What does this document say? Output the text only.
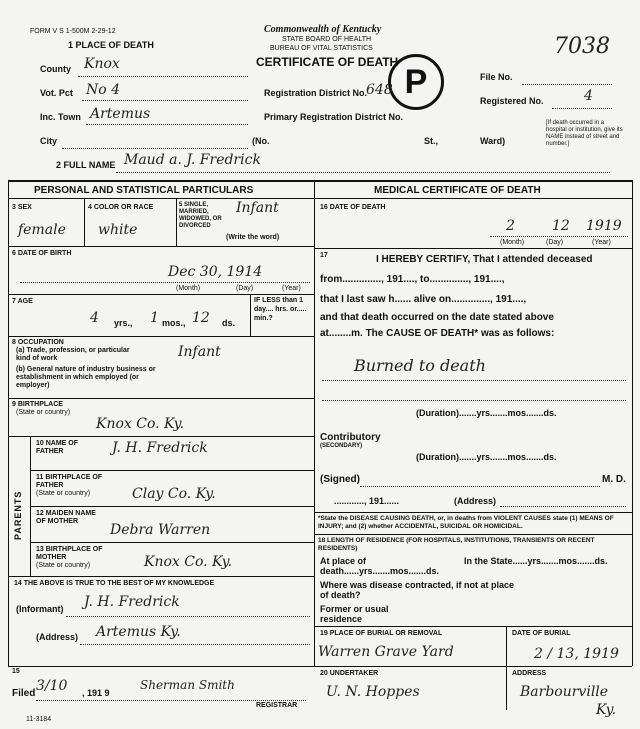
FORM V S 1-500M 2-29-12	Commonwealth of Kentucky
STATE BOARD OF HEALTH
BUREAU OF VITAL STATISTICS
CERTIFICATE OF DEATH
7038
P
1 PLACE OF DEATH
County Knox
Vot. Pct No 4	Registration District No.
648
Inc. Town Artemus	Primary Registration District No.
City	(No.	St.,	Ward)
File No.
Registered No.	4
[If death occurred in a hospital or institution, give its NAME instead of street and number.]
2 FULL NAME Maud a. J. Fredrick
PERSONAL AND STATISTICAL PARTICULARS
3 SEX
female
4 COLOR OR RACE
white
5 SINGLE, MARRIED, WIDOWED, OR DIVORCED
(Write the word)
Infant
6 DATE OF BIRTH
Dec 30, 1914
(Month)	(Day)	(Year)
7 AGE
4 yrs., 1 mos., 12 ds.
IF LESS than 1 day.... hrs. or..... min.?
8 OCCUPATION
(a) Trade, profession, or particular kind of work
(b) General nature of industry business or establishment in which employed (or employer)
Infant
9 BIRTHPLACE
(State or country)
Knox Co. Ky.
PARENTS
10 NAME OF FATHER	J. H. Fredrick
11 BIRTHPLACE OF FATHER
(State or country)	Clay Co. Ky.
12 MAIDEN NAME OF MOTHER
Debra Warren
13 BIRTHPLACE OF MOTHER
(State or country)	Knox Co. Ky.
14 THE ABOVE IS TRUE TO THE BEST OF MY KNOWLEDGE
(Informant) J. H. Fredrick
(Address) Artemus Ky.
MEDICAL CERTIFICATE OF DEATH
16 DATE OF DEATH
2	12 1919
(Month)	(Day)	(Year)
17	I HEREBY CERTIFY, That I attended deceased
from.............., 191...., to.............., 191....,
that I last saw h...... alive on.............., 191....,
and that death occurred on the date stated above
at........m. The CAUSE OF DEATH* was as follows:
Burned to death
(Duration).......yrs.......mos.......ds.
Contributory
(SECONDARY)
(Duration).......yrs.......mos.......ds.
(Signed)	M. D.
............, 191......	(Address)
*State the DISEASE CAUSING DEATH, or, in deaths from VIOLENT CAUSES state (1) MEANS OF INJURY; and (2) whether ACCIDENTAL, SUICIDAL OR HOMICIDAL.
18 LENGTH OF RESIDENCE (FOR HOSPITALS, INSTITUTIONS, TRANSIENTS OR RECENT RESIDENTS)
At place of death......yrs.......mos.......ds.
In the State......yrs.......mos.......ds.
Where was disease contracted, if not at place of death?
Former or usual residence
19 PLACE OF BURIAL OR REMOVAL
Warren Grave Yard
DATE OF BURIAL
2 / 13, 1919
20 UNDERTAKER
U. N. Hoppes
ADDRESS
Barbourville
15
Filed 3/10 , 191 9
Sherman Smith
REGISTRAR
11-3184
Ky.
